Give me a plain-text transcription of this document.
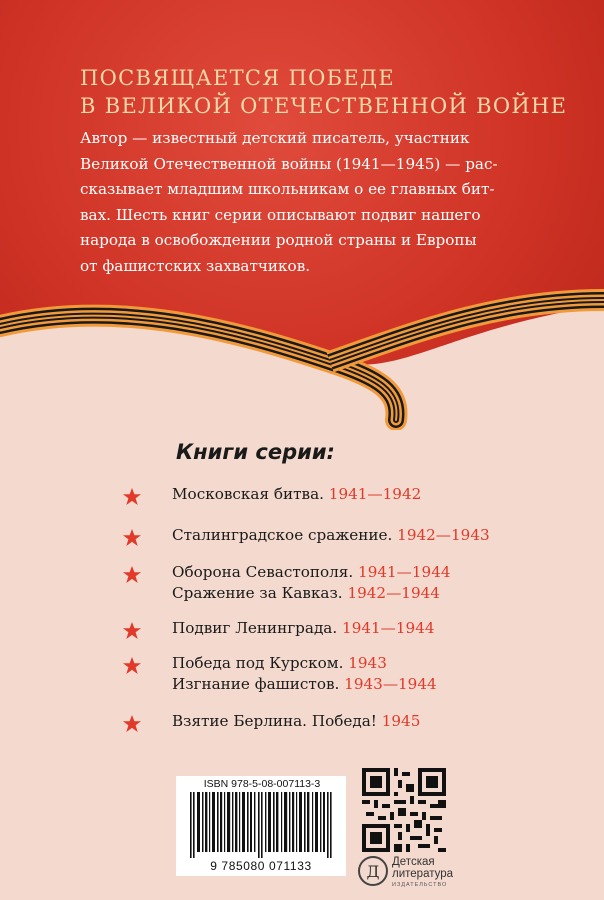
ПОСВЯЩАЕТСЯ ПОБЕДЕ
В ВЕЛИКОЙ ОТЕЧЕСТВЕННОЙ ВОЙНЕ
Автор — известный детский писатель, участник
Великой Отечественной войны (1941—1945) — рас-
сказывает младшим школьникам о ее главных бит-
вах. Шесть книг серии описывают подвиг нашего
народа в освобождении родной страны и Европы
от фашистских захватчиков.
Книги серии:
Московская битва. 1941—1942
Сталинградское сражение. 1942—1943
Оборона Севастополя. 1941—1944
Сражение за Кавказ. 1942—1944
Подвиг Ленинграда. 1941—1944
Победа под Курском. 1943
Изгнание фашистов. 1943—1944
Взятие Берлина. Победа! 1945
ISBN 978-5-08-007113-3
9 785080 071133	Д	Детская
литература
ИЗДАТЕЛЬСТВО
